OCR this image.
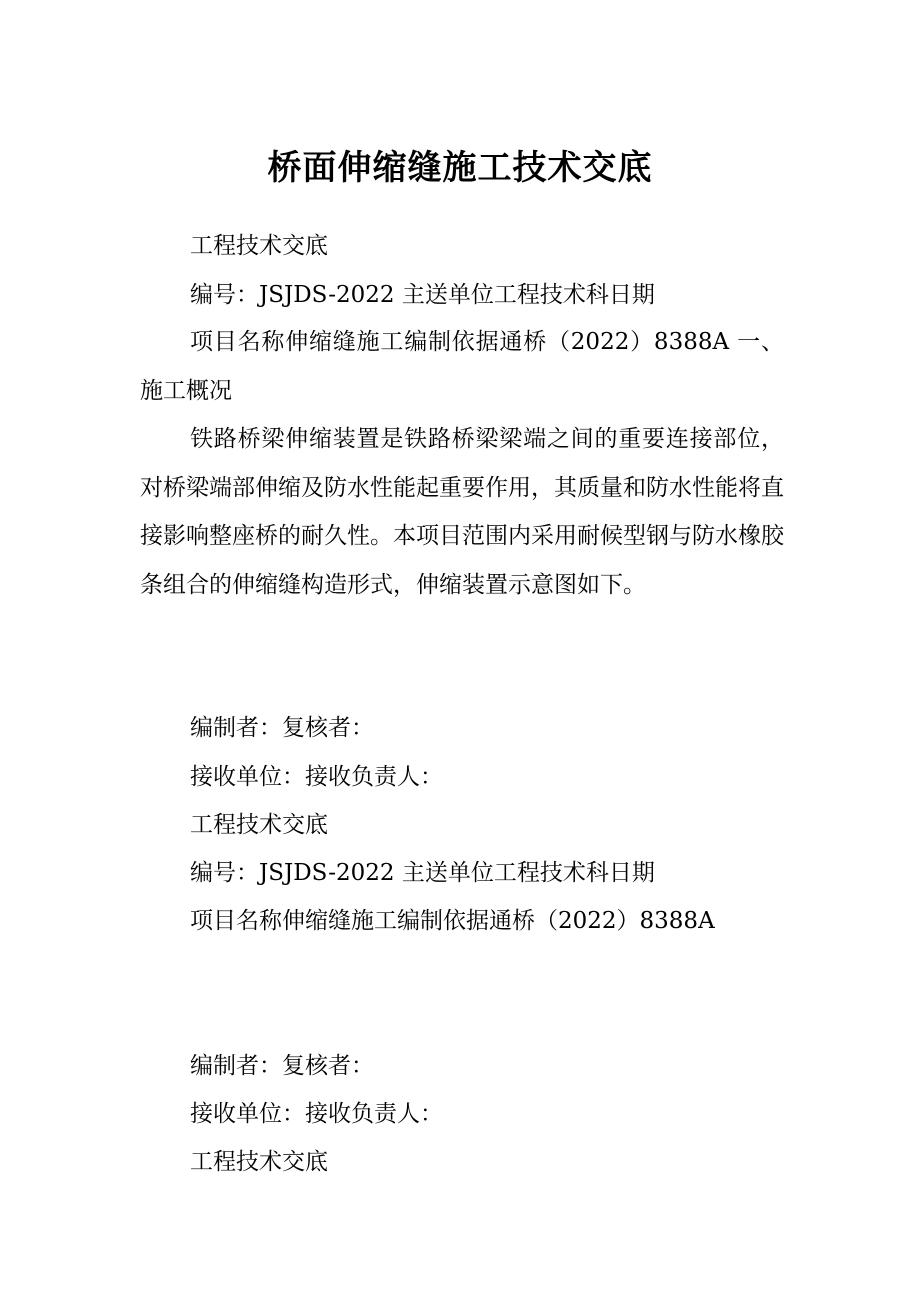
桥面伸缩缝施工技术交底
工程技术交底
编号：JSJDS-2022 主送单位工程技术科日期
项目名称伸缩缝施工编制依据通桥（2022）8388A 一、施工概况
铁路桥梁伸缩装置是铁路桥梁梁端之间的重要连接部位，对桥梁端部伸缩及防水性能起重要作用，其质量和防水性能将直接影响整座桥的耐久性。本项目范围内采用耐候型钢与防水橡胶条组合的伸缩缝构造形式，伸缩装置示意图如下。
编制者：复核者：
接收单位：接收负责人：
工程技术交底
编号：JSJDS-2022 主送单位工程技术科日期
项目名称伸缩缝施工编制依据通桥（2022）8388A
编制者：复核者：
接收单位：接收负责人：
工程技术交底
